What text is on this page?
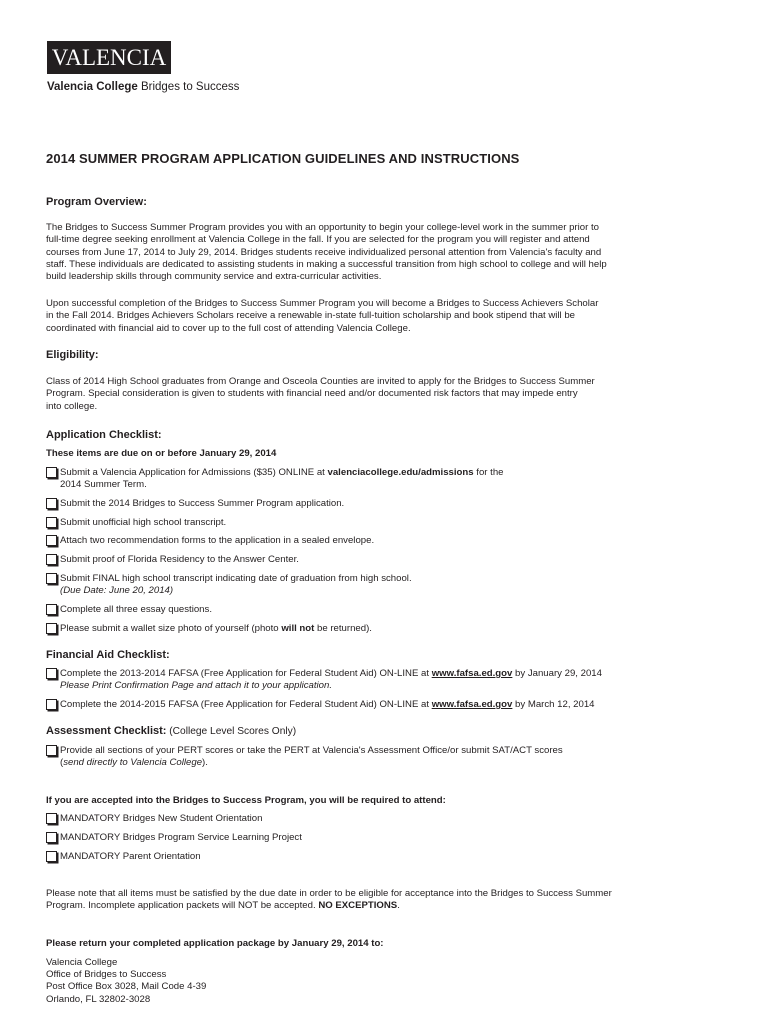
VALENCIA
Valencia College Bridges to Success
2014 SUMMER PROGRAM APPLICATION GUIDELINES AND INSTRUCTIONS
Program Overview:
The Bridges to Success Summer Program provides you with an opportunity to begin your college-level work in the summer prior to
full-time degree seeking enrollment at Valencia College in the fall. If you are selected for the program you will register and attend
courses from June 17, 2014 to July 29, 2014. Bridges students receive individualized personal attention from Valencia's faculty and
staff. These individuals are dedicated to assisting students in making a successful transition from high school to college and will help
build leadership skills through community service and extra-curricular activities.
Upon successful completion of the Bridges to Success Summer Program you will become a Bridges to Success Achievers Scholar
in the Fall 2014. Bridges Achievers Scholars receive a renewable in-state full-tuition scholarship and book stipend that will be
coordinated with financial aid to cover up to the full cost of attending Valencia College.
Eligibility:
Class of 2014 High School graduates from Orange and Osceola Counties are invited to apply for the Bridges to Success Summer
Program. Special consideration is given to students with financial need and/or documented risk factors that may impede entry
into college.
Application Checklist:
These items are due on or before January 29, 2014
Submit a Valencia Application for Admissions ($35) ONLINE at valenciacollege.edu/admissions for the
2014 Summer Term.
Submit the 2014 Bridges to Success Summer Program application.
Submit unofficial high school transcript.
Attach two recommendation forms to the application in a sealed envelope.
Submit proof of Florida Residency to the Answer Center.
Submit FINAL high school transcript indicating date of graduation from high school.
(Due Date: June 20, 2014)
Complete all three essay questions.
Please submit a wallet size photo of yourself (photo will not be returned).
Financial Aid Checklist:
Complete the 2013-2014 FAFSA (Free Application for Federal Student Aid) ON-LINE at www.fafsa.ed.gov by January 29, 2014
Please Print Confirmation Page and attach it to your application.
Complete the 2014-2015 FAFSA (Free Application for Federal Student Aid) ON-LINE at www.fafsa.ed.gov by March 12, 2014
Assessment Checklist: (College Level Scores Only)
Provide all sections of your PERT scores or take the PERT at Valencia's Assessment Office/or submit SAT/ACT scores
(send directly to Valencia College).
If you are accepted into the Bridges to Success Program, you will be required to attend:
MANDATORY Bridges New Student Orientation
MANDATORY Bridges Program Service Learning Project
MANDATORY Parent Orientation
Please note that all items must be satisfied by the due date in order to be eligible for acceptance into the Bridges to Success Summer
Program. Incomplete application packets will NOT be accepted. NO EXCEPTIONS.
Please return your completed application package by January 29, 2014 to:
Valencia College
Office of Bridges to Success
Post Office Box 3028, Mail Code 4-39
Orlando, FL 32802-3028
